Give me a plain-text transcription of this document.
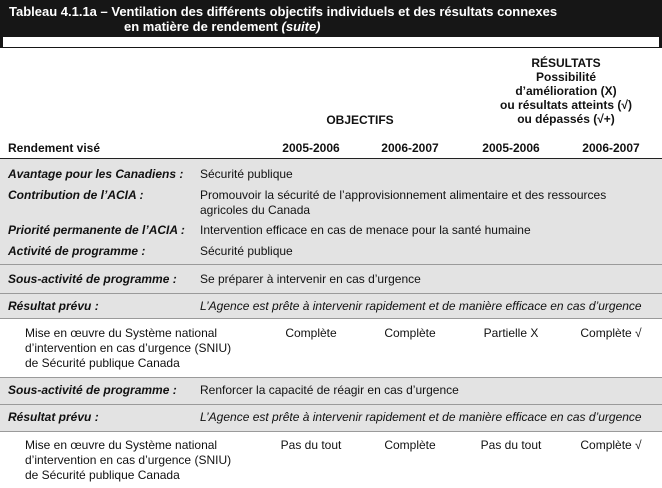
Tableau 4.1.1a – Ventilation des différents objectifs individuels et des résultats connexes
en matière de rendement (suite)
RÉSULTATS
Possibilité
d’amélioration (X)
ou résultats atteints (√)
ou dépassés (√+)
OBJECTIFS
Rendement visé	2005-2006	2006-2007	2005-2006	2006-2007
Avantage pour les Canadiens : Sécurité publique
Contribution de l’ACIA :	Promouvoir la sécurité de l’approvisionnement alimentaire et des ressources
agricoles du Canada
Priorité permanente de l’ACIA : Intervention efficace en cas de menace pour la santé humaine
Activité de programme :	Sécurité publique
Sous-activité de programme : Se préparer à intervenir en cas d’urgence
Résultat prévu :	L’Agence est prête à intervenir rapidement et de manière efficace en cas d’urgence
Mise en œuvre du Système national
d’intervention en cas d’urgence (SNIU)
de Sécurité publique Canada
Complète	Complète	Partielle X	Complète √
Sous-activité de programme : Renforcer la capacité de réagir en cas d’urgence
Résultat prévu :	L’Agence est prête à intervenir rapidement et de manière efficace en cas d’urgence
Mise en œuvre du Système national
d’intervention en cas d’urgence (SNIU)
de Sécurité publique Canada
Pas du tout	Complète	Pas du tout	Complète √
